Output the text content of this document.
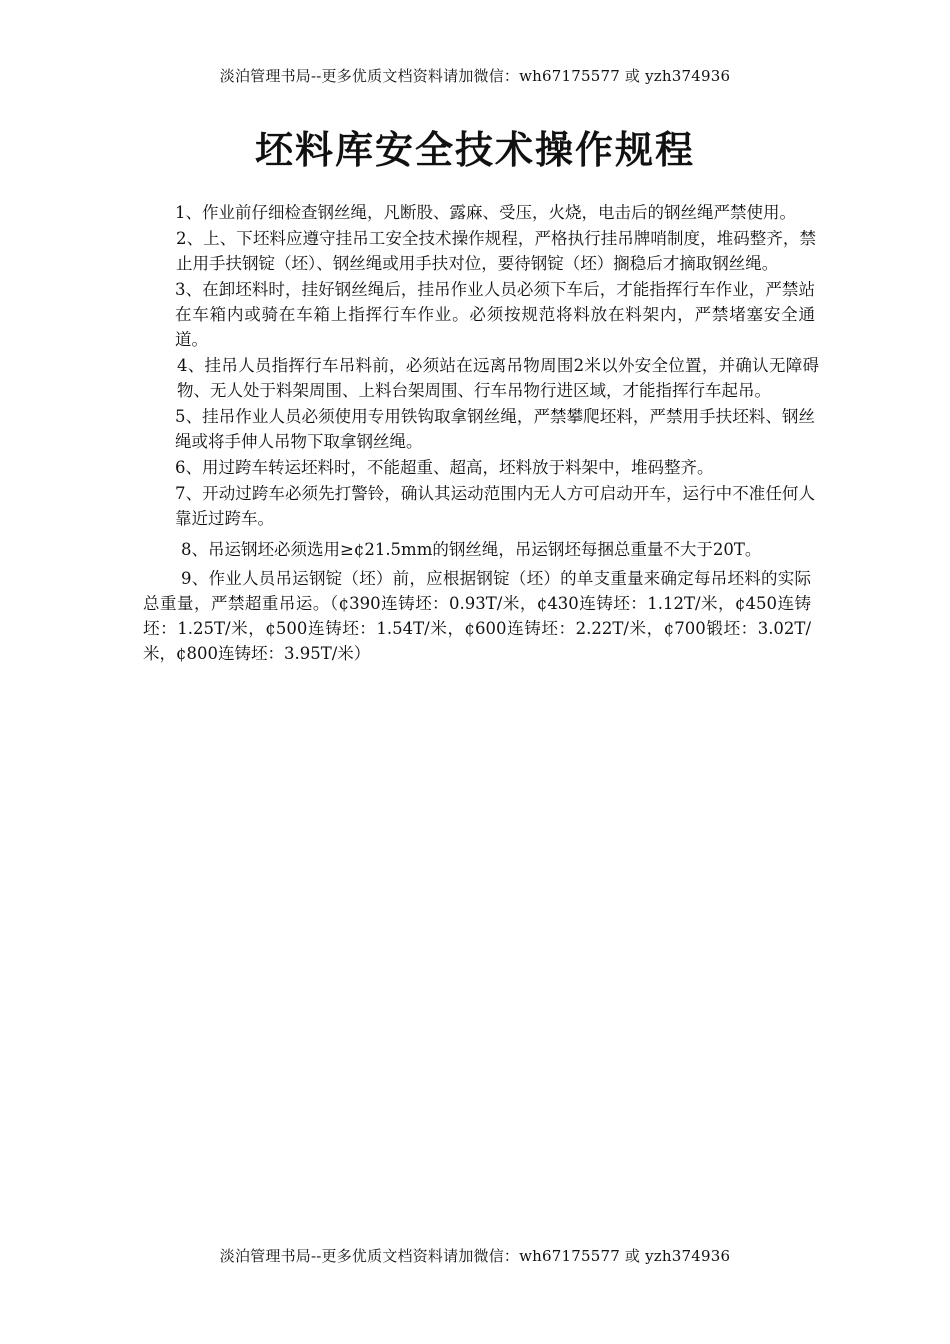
淡泊管理书局--更多优质文档资料请加微信：wh67175577 或 yzh374936
坯料库安全技术操作规程

1、作业前仔细检查钢丝绳，凡断股、露麻、受压，火烧，电击后的钢丝绳严禁使用。

2、上、下坯料应遵守挂吊工安全技术操作规程，严格执行挂吊牌哨制度，堆码整齐，禁止用手扶钢锭（坯）、钢丝绳或用手扶对位，要待钢锭（坯）搁稳后才摘取钢丝绳。

3、在卸坯料时，挂好钢丝绳后，挂吊作业人员必须下车后，才能指挥行车作业，严禁站在车箱内或骑在车箱上指挥行车作业。必须按规范将料放在料架内，严禁堵塞安全通道。

4、挂吊人员指挥行车吊料前，必须站在远离吊物周围2米以外安全位置，并确认无障碍物、无人处于料架周围、上料台架周围、行车吊物行进区域，才能指挥行车起吊。

5、挂吊作业人员必须使用专用铁钩取拿钢丝绳，严禁攀爬坯料，严禁用手扶坯料、钢丝绳或将手伸人吊物下取拿钢丝绳。

6、用过跨车转运坯料时，不能超重、超高，坯料放于料架中，堆码整齐。

7、开动过跨车必须先打警铃，确认其运动范围内无人方可启动开车，运行中不准任何人靠近过跨车。

8、吊运钢坯必须选用≥¢21.5mm的钢丝绳，吊运钢坯每捆总重量不大于20T。

9、作业人员吊运钢锭（坯）前，应根据钢锭（坯）的单支重量来确定每吊坯料的实际总重量，严禁超重吊运。（¢390连铸坯：0.93T/米，¢430连铸坯：1.12T/米，¢450连铸坯：1.25T/米，¢500连铸坯：1.54T/米，¢600连铸坯：2.22T/米，¢700锻坯：3.02T/米，¢800连铸坯：3.95T/米）

淡泊管理书局--更多优质文档资料请加微信：wh67175577 或 yzh374936
